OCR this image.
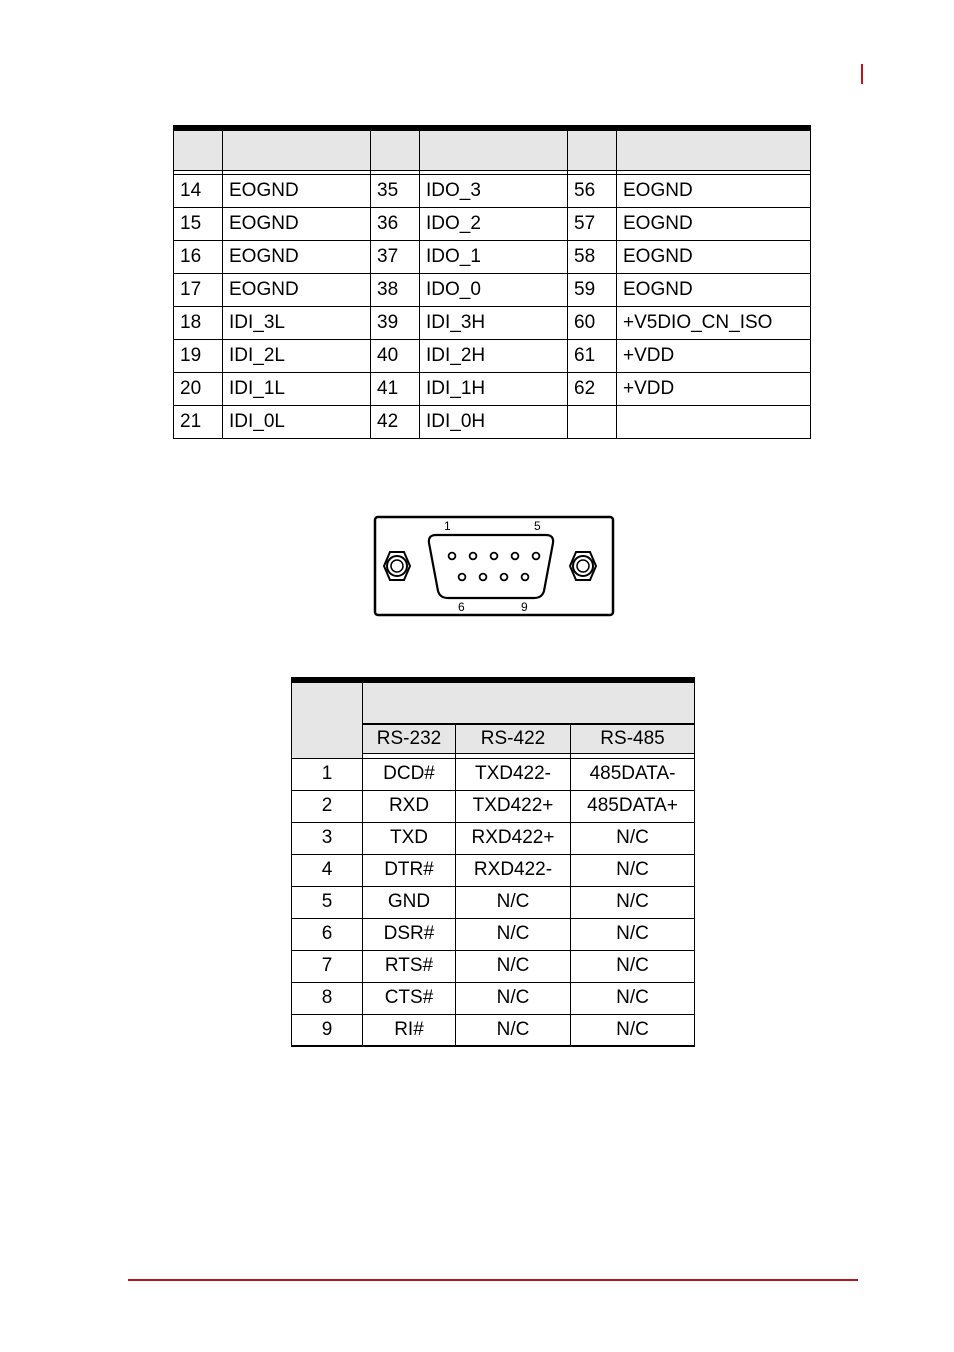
14	EOGND	35	IDO_3	56	EOGND
15	EOGND	36	IDO_2	57	EOGND
16	EOGND	37	IDO_1	58	EOGND
17	EOGND	38	IDO_0	59	EOGND
18	IDI_3L	39	IDI_3H	60	+V5DIO_CN_ISO
19	IDI_2L	40	IDI_2H	61	+VDD
20	IDI_1L	41	IDI_1H	62	+VDD
21	IDI_0L	42	IDI_0H		
1	5
6	9

	RS-232	RS-422	RS-485

1	DCD#	TXD422-	485DATA-
2	RXD	TXD422+	485DATA+
3	TXD	RXD422+	N/C
4	DTR#	RXD422-	N/C
5	GND	N/C	N/C
6	DSR#	N/C	N/C
7	RTS#	N/C	N/C
8	CTS#	N/C	N/C
9	RI#	N/C	N/C
